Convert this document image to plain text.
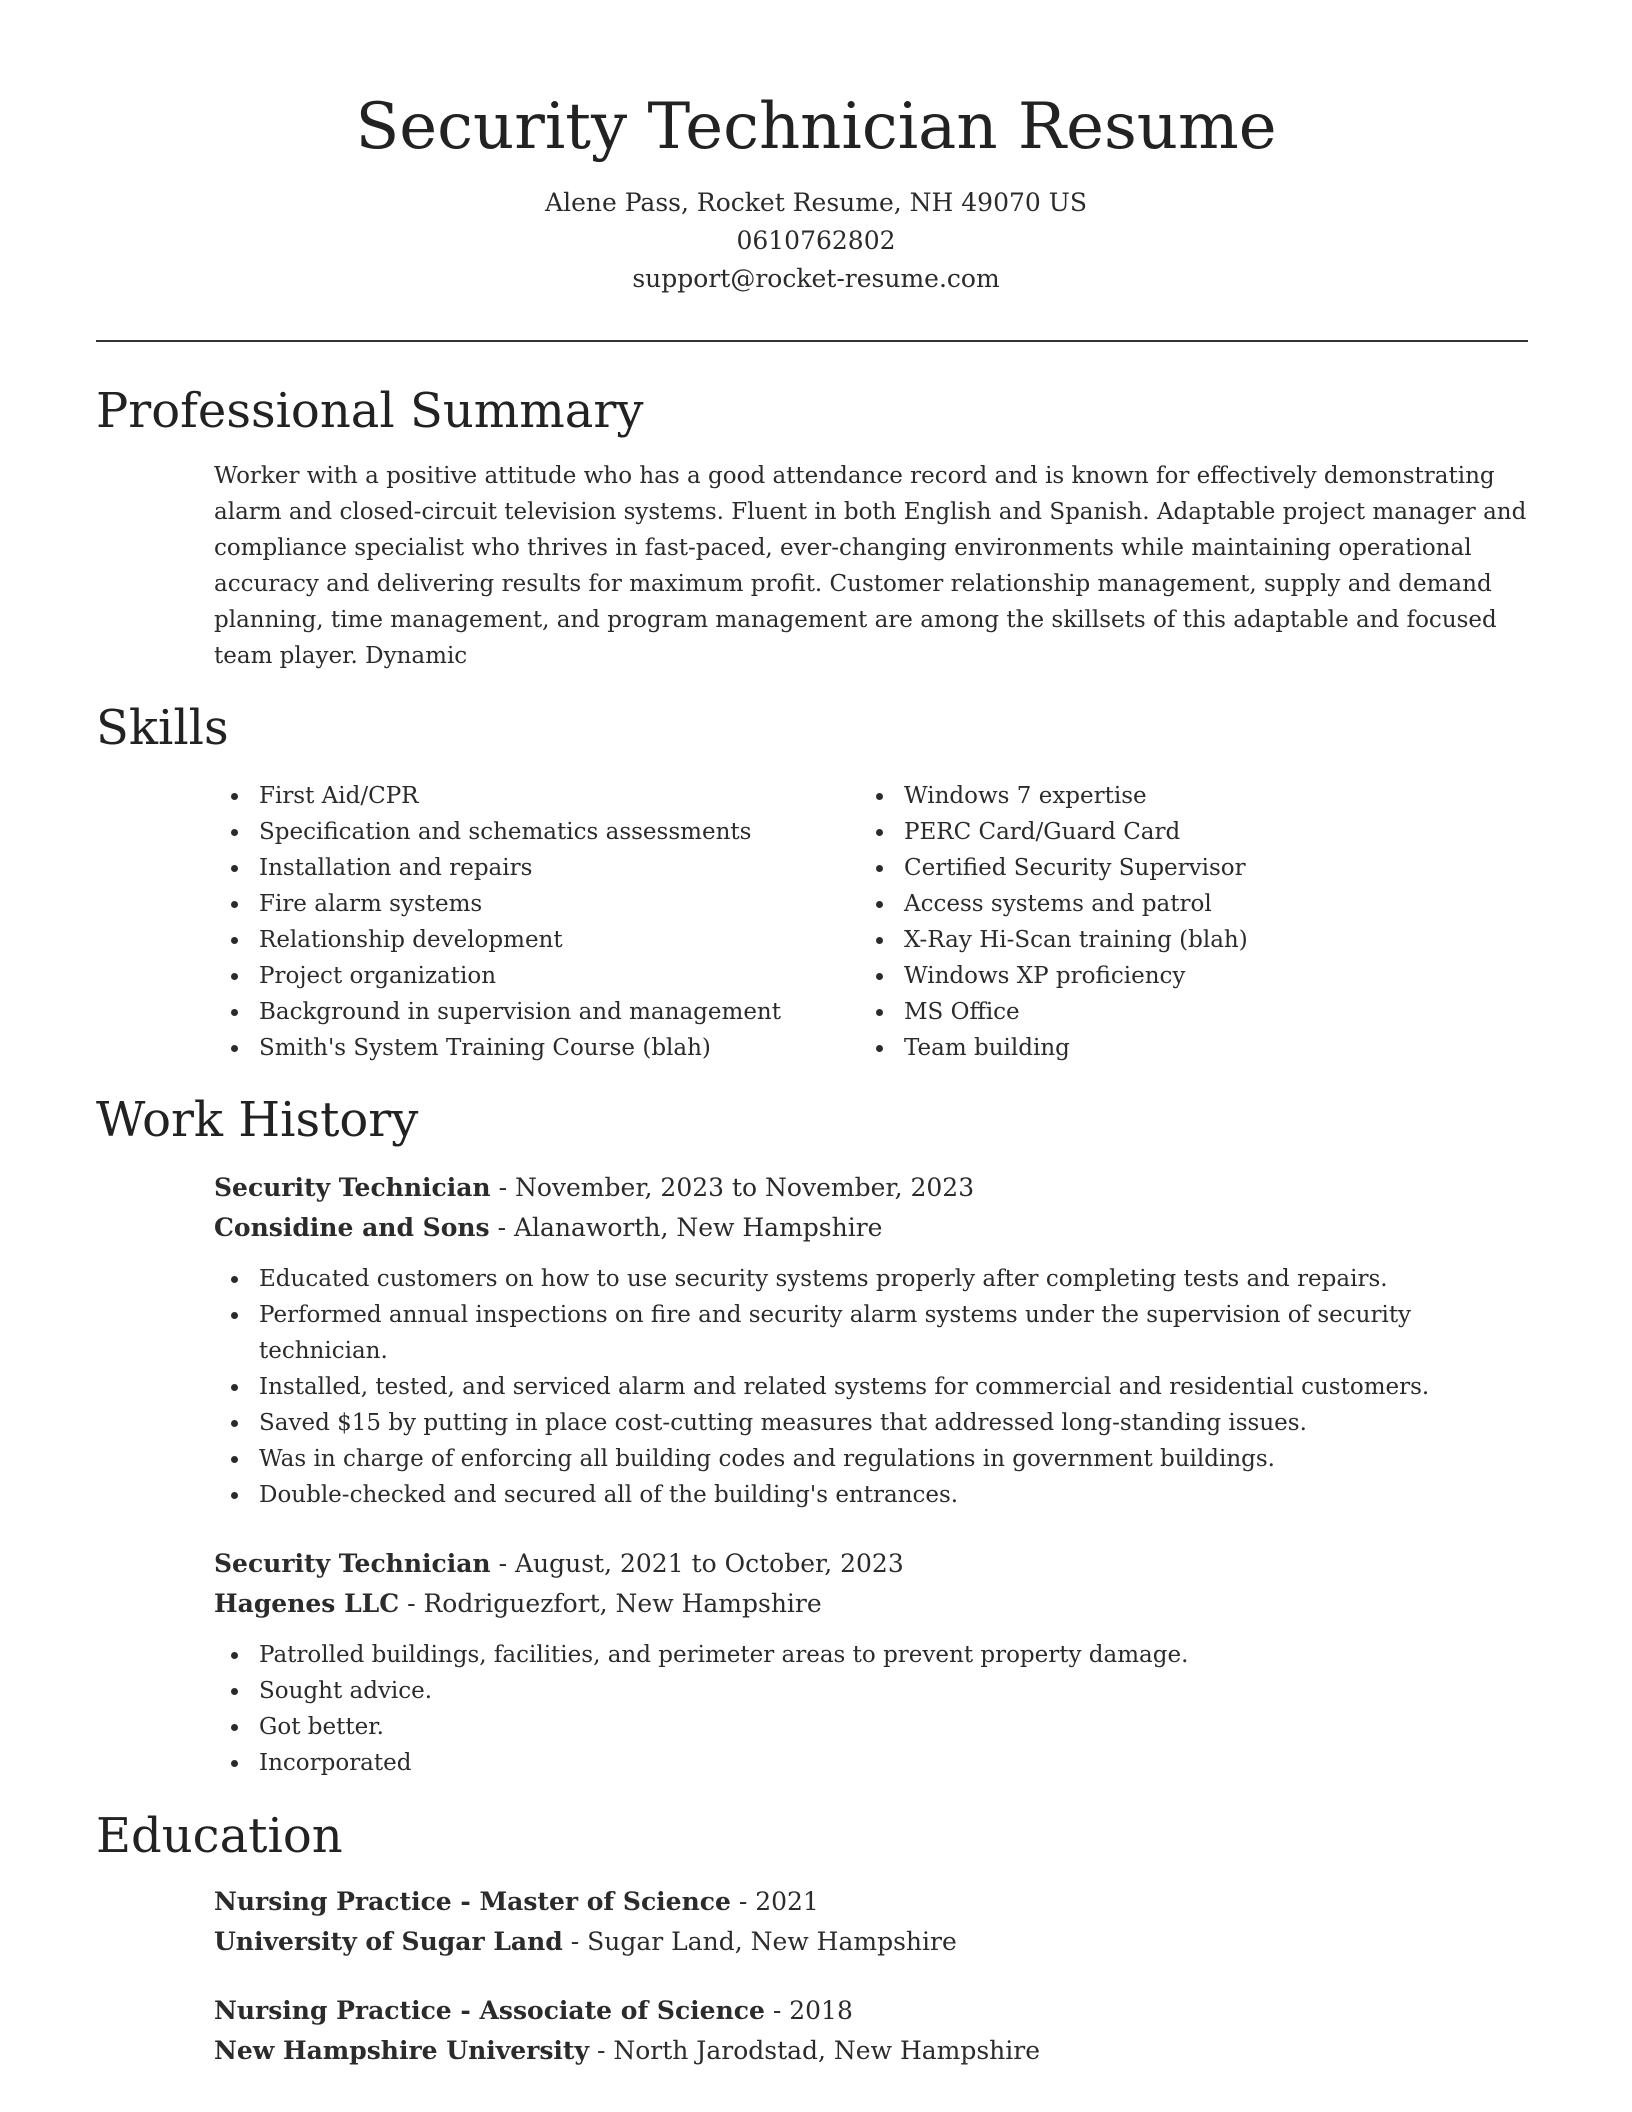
Security Technician Resume
Alene Pass, Rocket Resume, NH 49070 US
0610762802
support@rocket-resume.com
Professional Summary
Worker with a positive attitude who has a good attendance record and is known for effectively demonstrating alarm and closed-circuit television systems. Fluent in both English and Spanish. Adaptable project manager and compliance specialist who thrives in fast-paced, ever-changing environments while maintaining operational accuracy and delivering results for maximum profit. Customer relationship management, supply and demand planning, time management, and program management are among the skillsets of this adaptable and focused team player. Dynamic
Skills
First Aid/CPR
Specification and schematics assessments
Installation and repairs
Fire alarm systems
Relationship development
Project organization
Background in supervision and management
Smith's System Training Course (blah)
Windows 7 expertise
PERC Card/Guard Card
Certified Security Supervisor
Access systems and patrol
X-Ray Hi-Scan training (blah)
Windows XP proficiency
MS Office
Team building
Work History
Security Technician - November, 2023 to November, 2023
Considine and Sons - Alanaworth, New Hampshire
Educated customers on how to use security systems properly after completing tests and repairs.
Performed annual inspections on fire and security alarm systems under the supervision of security technician.
Installed, tested, and serviced alarm and related systems for commercial and residential customers.
Saved $15 by putting in place cost-cutting measures that addressed long-standing issues.
Was in charge of enforcing all building codes and regulations in government buildings.
Double-checked and secured all of the building's entrances.
Security Technician - August, 2021 to October, 2023
Hagenes LLC - Rodriguezfort, New Hampshire
Patrolled buildings, facilities, and perimeter areas to prevent property damage.
Sought advice.
Got better.
Incorporated
Education
Nursing Practice - Master of Science - 2021
University of Sugar Land - Sugar Land, New Hampshire
Nursing Practice - Associate of Science - 2018
New Hampshire University - North Jarodstad, New Hampshire
